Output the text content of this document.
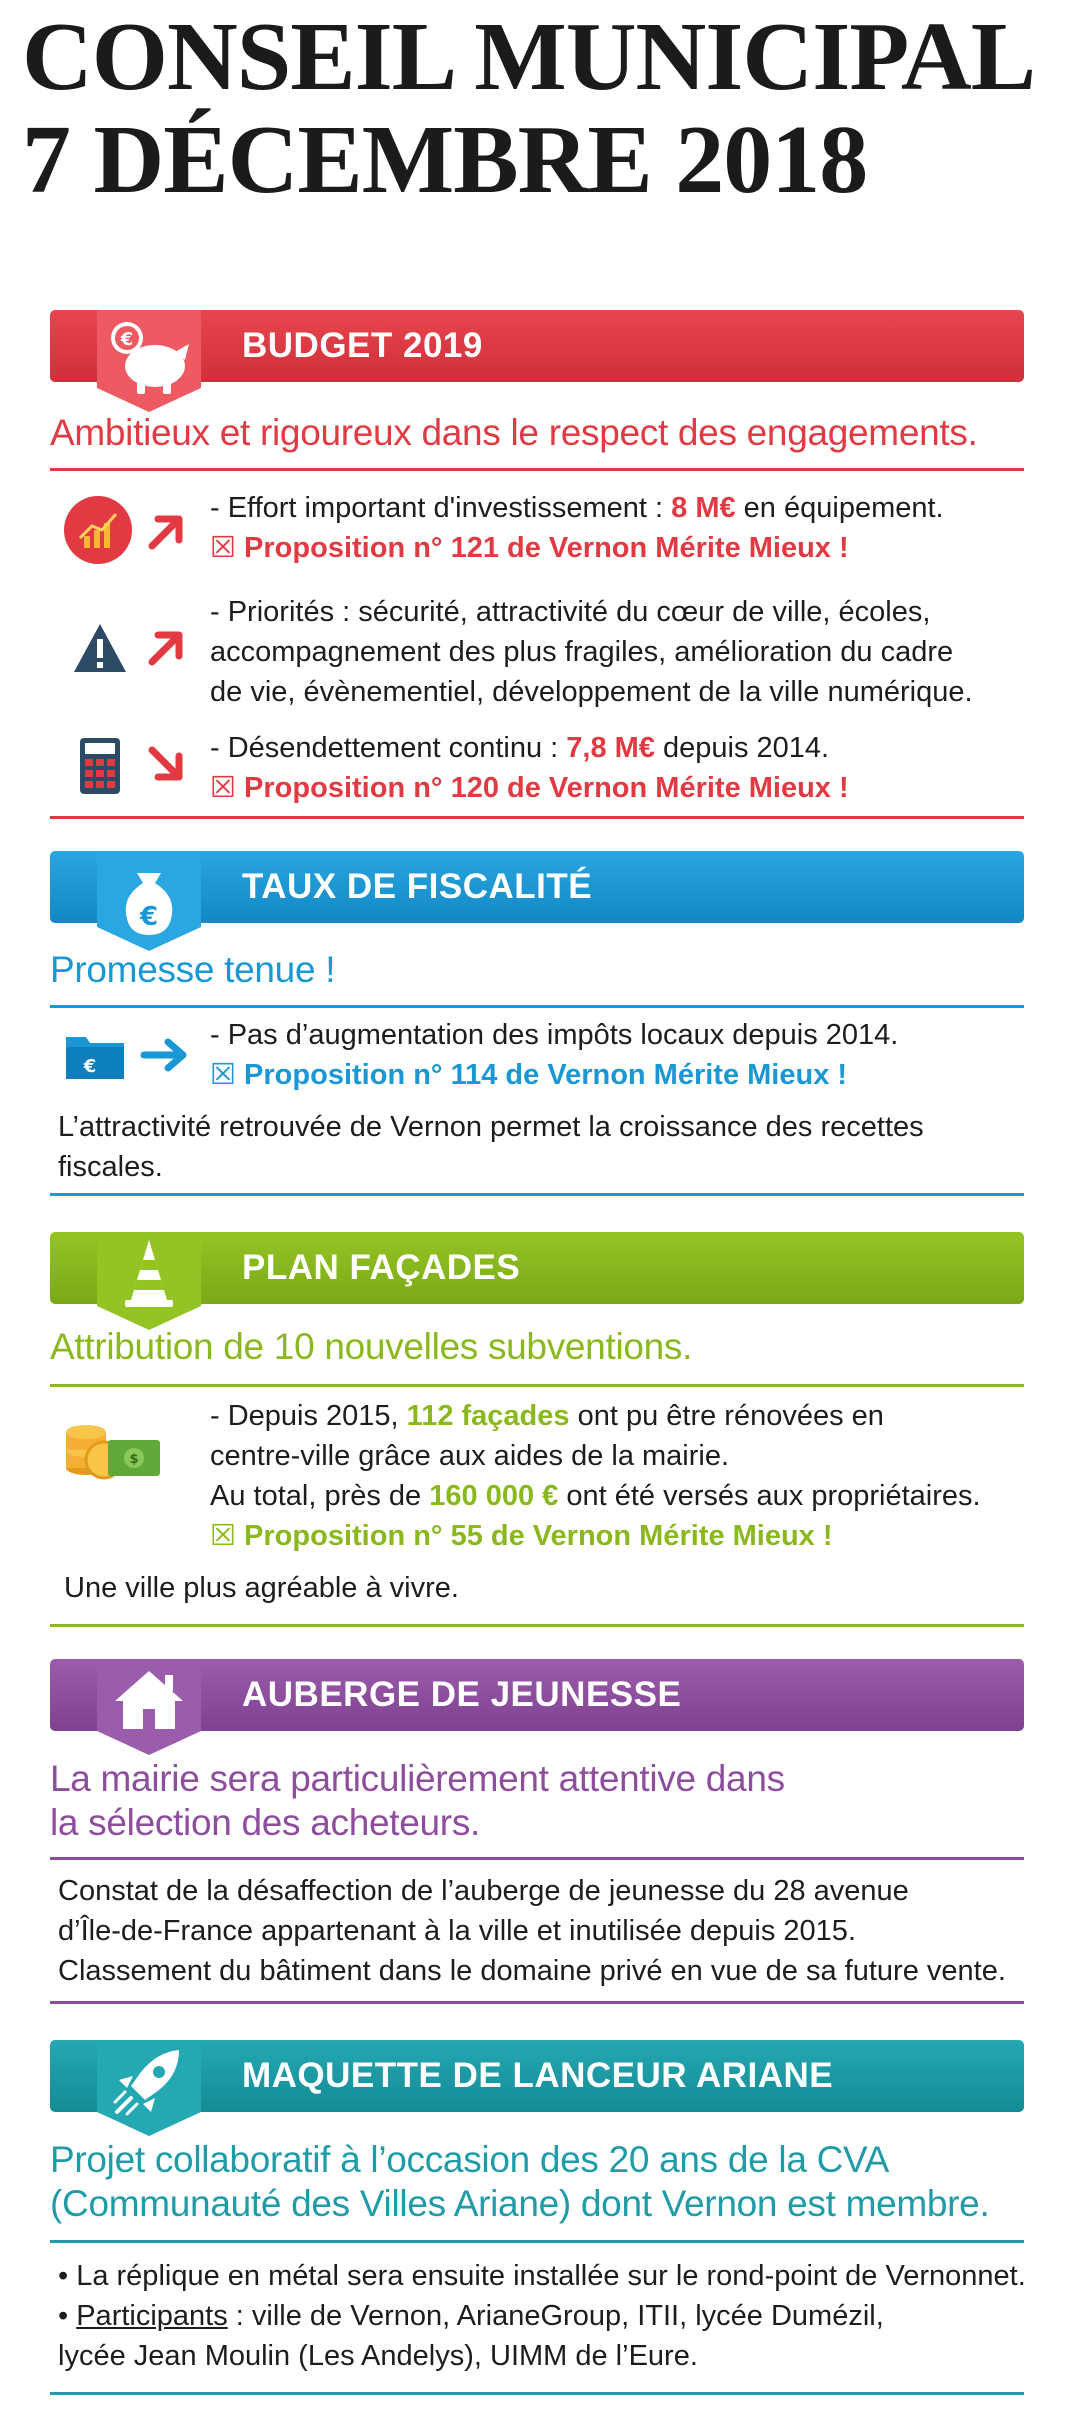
CONSEIL MUNICIPAL
7 DÉCEMBRE 2018
BUDGET 2019
€
Ambitieux et rigoureux dans le respect des engagements.

- Effort important d'investissement : 8 M€ en équipement.

☒ Proposition n° 121 de Vernon Mérite Mieux !

- Priorités : sécurité, attractivité du cœur de ville, écoles,

accompagnement des plus fragiles, amélioration du cadre

de vie, évènementiel, développement de la ville numérique.

- Désendettement continu : 7,8 M€ depuis 2014.

☒ Proposition n° 120 de Vernon Mérite Mieux !

TAUX DE FISCALITÉ
€
Promesse tenue !
€

- Pas d’augmentation des impôts locaux depuis 2014.

☒ Proposition n° 114 de Vernon Mérite Mieux !

L’attractivité retrouvée de Vernon permet la croissance des recettes

fiscales.

PLAN FAÇADES
Attribution de 10 nouvelles subventions.
$

- Depuis 2015, 112 façades ont pu être rénovées en

centre-ville grâce aux aides de la mairie.

Au total, près de 160 000 € ont été versés aux propriétaires.

☒ Proposition n° 55 de Vernon Mérite Mieux !

Une ville plus agréable à vivre.

AUBERGE DE JEUNESSE
La mairie sera particulièrement attentive dans
la sélection des acheteurs.

Constat de la désaffection de l’auberge de jeunesse du 28 avenue

d’Île-de-France appartenant à la ville et inutilisée depuis 2015.

Classement du bâtiment dans le domaine privé en vue de sa future vente.

MAQUETTE DE LANCEUR ARIANE
Projet collaboratif à l’occasion des 20 ans de la CVA
(Communauté des Villes Ariane) dont Vernon est membre.

• La réplique en métal sera ensuite installée sur le rond-point de Vernonnet.

• Participants : ville de Vernon, ArianeGroup, ITII, lycée Dumézil,

lycée Jean Moulin (Les Andelys), UIMM de l’Eure.
